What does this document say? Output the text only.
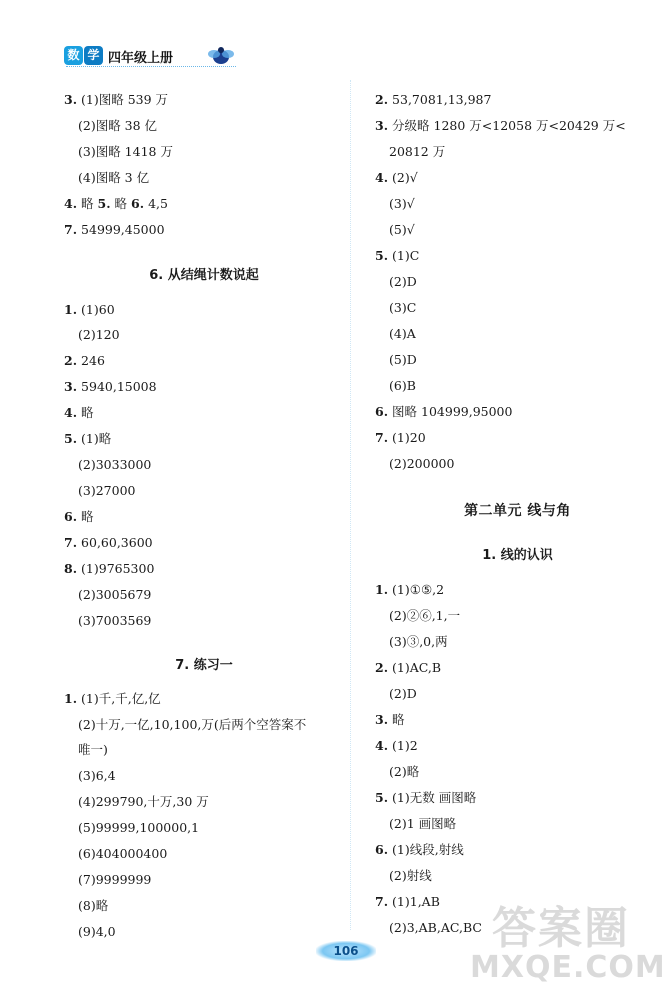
数 学 四年级上册
3. (1)图略 539 万
(2)图略 38 亿
(3)图略 1418 万
(4)图略 3 亿
4. 略 5. 略 6. 4,5
7. 54999,45000
6. 从结绳计数说起
1. (1)60
(2)120
2. 246
3. 5940,15008
4. 略
5. (1)略
(2)3033000
(3)27000
6. 略
7. 60,60,3600
8. (1)9765300
(2)3005679
(3)7003569
7. 练习一
1. (1)千,千,亿,亿
(2)十万,一亿,10,100,万(后两个空答案不
唯一)
(3)6,4
(4)299790,十万,30 万
(5)99999,100000,1
(6)404000400
(7)9999999
(8)略
(9)4,0
2. 53,7081,13,987
3. 分级略 1280 万<12058 万<20429 万<
20812 万
4. (2)√
(3)√
(5)√
5. (1)C
(2)D
(3)C
(4)A
(5)D
(6)B
6. 图略 104999,95000
7. (1)20
(2)200000
第二单元 线与角
1. 线的认识
1. (1)①⑤,2
(2)②⑥,1,一
(3)③,0,两
2. (1)AC,B
(2)D
3. 略
4. (1)2
(2)略
5. (1)无数 画图略
(2)1 画图略
6. (1)线段,射线
(2)射线
7. (1)1,AB
(2)3,AB,AC,BC
106	答案圈
MXQE.COM
